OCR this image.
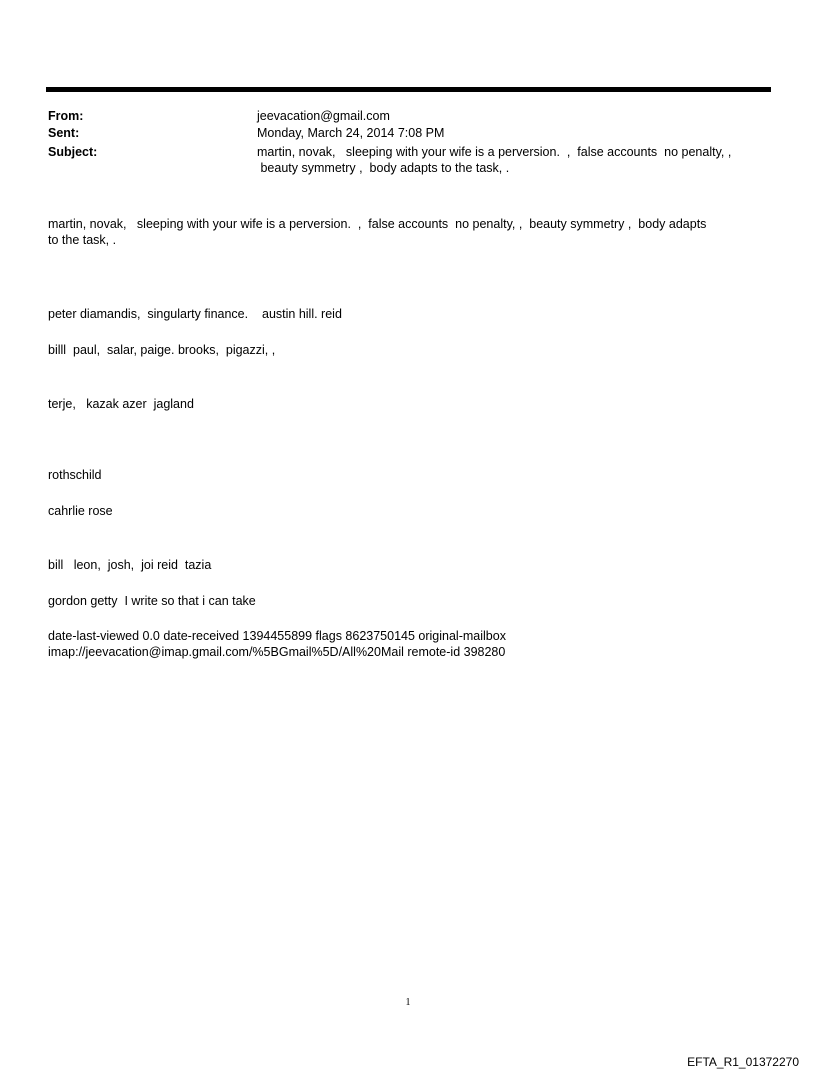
From:	jeevacation@gmail.com
Sent:	Monday, March 24, 2014 7:08 PM
Subject:	martin, novak,   sleeping with your wife is a perversion.  ,  false accounts  no penalty, ,
beauty symmetry ,  body adapts to the task, .
martin, novak,   sleeping with your wife is a perversion.  ,  false accounts  no penalty, ,  beauty symmetry ,  body adapts
to the task, .
peter diamandis,  singularty finance.    austin hill. reid
billl  paul,  salar, paige. brooks,  pigazzi, ,
terje,   kazak azer  jagland
rothschild
cahrlie rose
bill   leon,  josh,  joi reid  tazia
gordon getty  I write so that i can take
date-last-viewed 0.0 date-received 1394455899 flags 8623750145 original-mailbox
imap://jeevacation@imap.gmail.com/%5BGmail%5D/All%20Mail remote-id 398280
1
EFTA_R1_01372270
